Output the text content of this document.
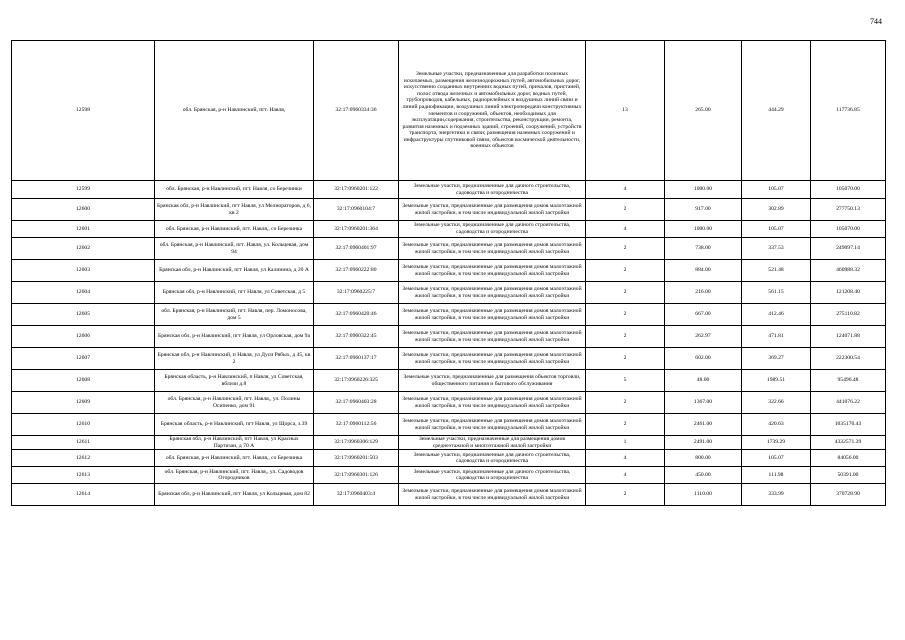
744
12598	обл. Брянская, р-н Навлинский, пгт. Навля,	32:17:0960334:36	Земельные участки, предназначенные для разработки полезных ископаемых, размещения железнодорожных путей, автомобильных дорог, искусственно созданных внутренних водных путей, причалов, пристаней, полос отвода железных и автомобильных дорог, водных путей, трубопроводов, кабельных, радиорелейных и воздушных линий связи и линий радиофикации, воздушных линий электропередачи конструктивных элементов и сооружений, объектов, необходимых для эксплуатации,содержания, строительства, реконструкции, ремонта, развития наземных и подземных зданий, строений, сооружений, устройств транспорта, энергетики и связи; размещения наземных сооружений и инфраструктуры спутниковой связи, объектов космической деятельности, военных объектов	13	265.00	444.29	117736.85
12599	обл. Брянская, р-н Навлинский, пгт. Навля, со Березинки	32:17:0960201:122	Земельные участки, предназначенные для дачного строительства, садоводства и огородничества	4	1000.00	105.07	105070.00
12600	Брянская обл, р-н Навлинский, пгт Навля, ул Мелиораторов, д 6, кв 2	32:17:0960104:7	Земельные участки, предназначенные для размещения домов малоэтажной жилой застройки, в том числе индивидуальной жилой застройки	2	917.00	302.89	277750.13
12601	обл. Брянская, р-н Навлинский, пгт. Навля,, со Березинка	32:17:0960201:364	Земельные участки, предназначенные для дачного строительства, садоводства и огородничества	4	1000.00	105.07	105070.00
12602	обл. Брянская, р-н Навлинский, пгт. Навля, ул. Кольцевая, дом 94	32:17:0960401:97	Земельные участки, предназначенные для размещения домов малоэтажной жилой застройки, в том числе индивидуальной жилой застройки	2	738.00	337.53	249097.14
12603	Брянская обл, р-н Навлинский, пгт Навля, ул Калинина, д 20 А	32:17:0960222:80	Земельные участки, предназначенные для размещения домов малоэтажной жилой застройки, в том числе индивидуальной жилой застройки	2	884.00	521.48	460988.32
12604	Брянская обл, р-н Навлинский, пгт Навля, ул Советская, д 5	32:17:0960225:7	Земельные участки, предназначенные для размещения домов малоэтажной жилой застройки, в том числе индивидуальной жилой застройки	2	216.00	561.15	121208.40
12605	обл. Брянская, р-н Навлинский, пгт. Навля, пер. Ломоносова, дом 5	32:17:0960420:46	Земельные участки, предназначенные для размещения домов малоэтажной жилой застройки, в том числе индивидуальной жилой застройки	2	667.00	412.46	275110.82
12606	Брянская обл, р-н Навлинский, пгт Навля, ул Орловская, дом 9а	32:17:0960322:45	Земельные участки, предназначенные для размещения домов малоэтажной жилой застройки, в том числе индивидуальной жилой застройки	2	262.97	471.81	124071.88
12607	Брянская обл, р-н Навлинский, п Навля, ул Дуси Рябых, д 45, кв 2	32:17:0960137:17	Земельные участки, предназначенные для размещения домов малоэтажной жилой застройки, в том числе индивидуальной жилой застройки	2	602.00	369.27	222300.54
12608	Брянская область, р-н Навлинский, п Навля, ул Советская, вблизи д.8	32:17:0960226:325	Земельные участки, предназначенные для размещения объектов торговли, общественного питания и бытового обслуживания	5	48.00	1989.51	95496.48
12609	обл. Брянская, р-н Навлинский, пгт. Навля,, ул. Полины Осипенко, дом 91	32:17:0960403:28	Земельные участки, предназначенные для размещения домов малоэтажной жилой застройки, в том числе индивидуальной жилой застройки	2	1367.00	322.66	441076.22
12610	Брянская область, р-н Навлинский, пгт Навля, ул Щорса, з.39	32:17:0960112:56	Земельные участки, предназначенные для размещения домов малоэтажной жилой застройки, в том числе индивидуальной жилой застройки	2	2461.00	420.63	1035170.43
12611	Брянская обл, р-н Навлинский, пгт Навля, ул Красных Партизан, д 70 А	32:17:0960306:129	Земельные участки, предназначенные для размещения домов среднеэтажной и многоэтажной жилой застройки	1	2491.00	1739.29	4332571.39
12612	обл. Брянская, р-н Навлинский, пгт. Навля,, со Березинка	32:17:0960201:503	Земельные участки, предназначенные для дачного строительства, садоводства и огородничества	4	800.00	105.07	84056.00
12613	обл. Брянская, р-н Навлинский, пгт. Навля,, ул. Садоводов Огородников	32:17:0960301:126	Земельные участки, предназначенные для дачного строительства, садоводства и огородничества	4	450.00	111.98	50391.00
12614	Брянская обл, р-н Навлинский, пгт Навля, ул Кольцевая, дом 82	32:17:0960403:4	Земельные участки, предназначенные для размещения домов малоэтажной жилой застройки, в том числе индивидуальной жилой застройки	2	1110.00	333.99	370728.90
